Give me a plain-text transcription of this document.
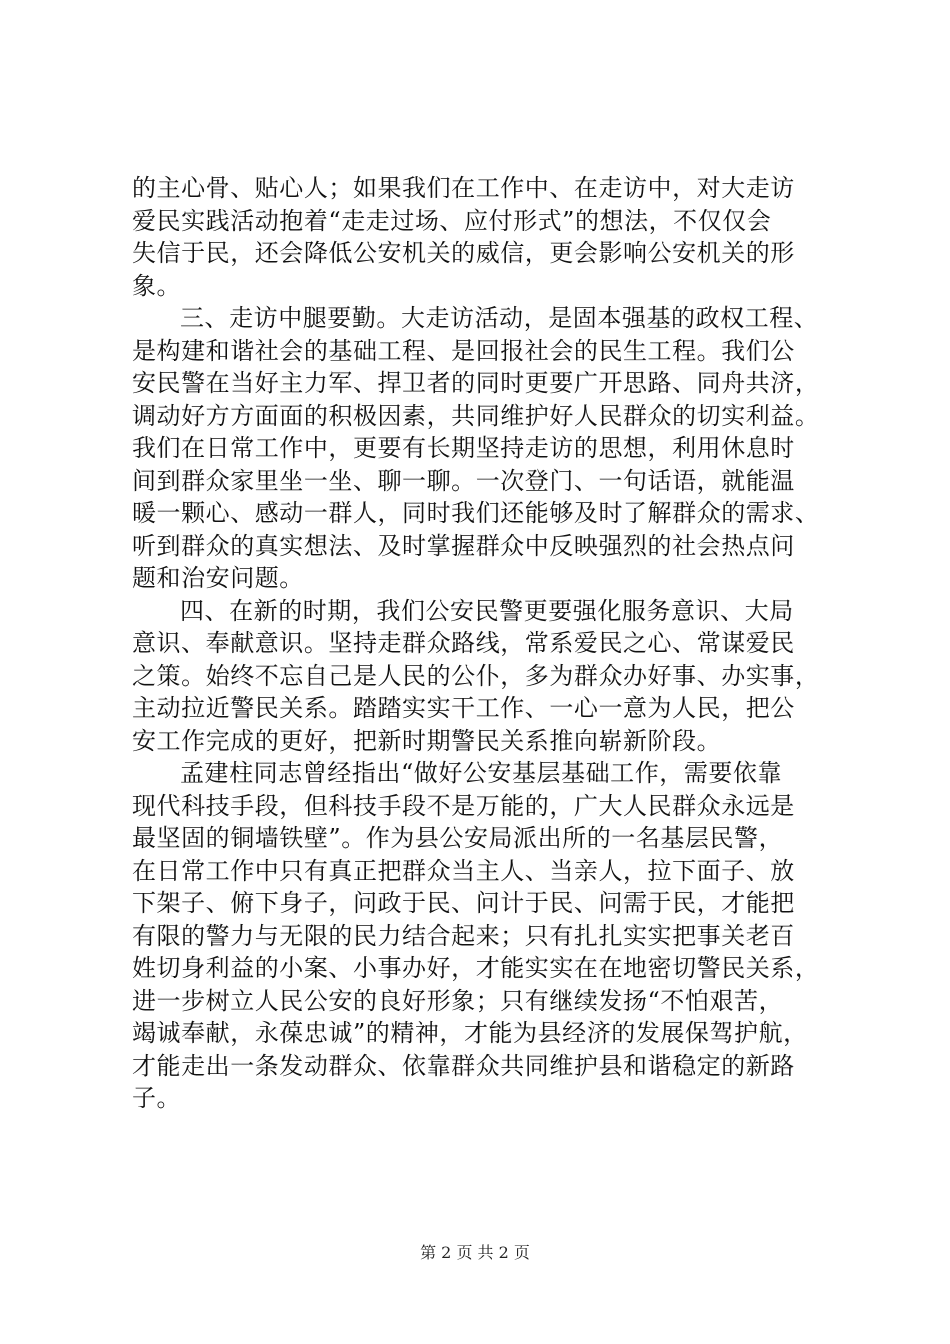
的主心骨、贴心人；如果我们在工作中、在走访中，对大走访
爱民实践活动抱着“走走过场、应付形式”的想法，不仅仅会
失信于民，还会降低公安机关的威信，更会影响公安机关的形
象。
三、走访中腿要勤。大走访活动，是固本强基的政权工程、
是构建和谐社会的基础工程、是回报社会的民生工程。我们公
安民警在当好主力军、捍卫者的同时更要广开思路、同舟共济，
调动好方方面面的积极因素，共同维护好人民群众的切实利益。
我们在日常工作中，更要有长期坚持走访的思想，利用休息时
间到群众家里坐一坐、聊一聊。一次登门、一句话语，就能温
暖一颗心、感动一群人，同时我们还能够及时了解群众的需求、
听到群众的真实想法、及时掌握群众中反映强烈的社会热点问
题和治安问题。
四、在新的时期，我们公安民警更要强化服务意识、大局
意识、奉献意识。坚持走群众路线，常系爱民之心、常谋爱民
之策。始终不忘自己是人民的公仆，多为群众办好事、办实事，
主动拉近警民关系。踏踏实实干工作、一心一意为人民，把公
安工作完成的更好，把新时期警民关系推向崭新阶段。
孟建柱同志曾经指出“做好公安基层基础工作，需要依靠
现代科技手段，但科技手段不是万能的，广大人民群众永远是
最坚固的铜墙铁壁”。作为县公安局派出所的一名基层民警，
在日常工作中只有真正把群众当主人、当亲人，拉下面子、放
下架子、俯下身子，问政于民、问计于民、问需于民，才能把
有限的警力与无限的民力结合起来；只有扎扎实实把事关老百
姓切身利益的小案、小事办好，才能实实在在地密切警民关系，
进一步树立人民公安的良好形象；只有继续发扬“不怕艰苦，
竭诚奉献，永葆忠诚”的精神，才能为县经济的发展保驾护航，
才能走出一条发动群众、依靠群众共同维护县和谐稳定的新路
子。
第 2 页 共 2 页
